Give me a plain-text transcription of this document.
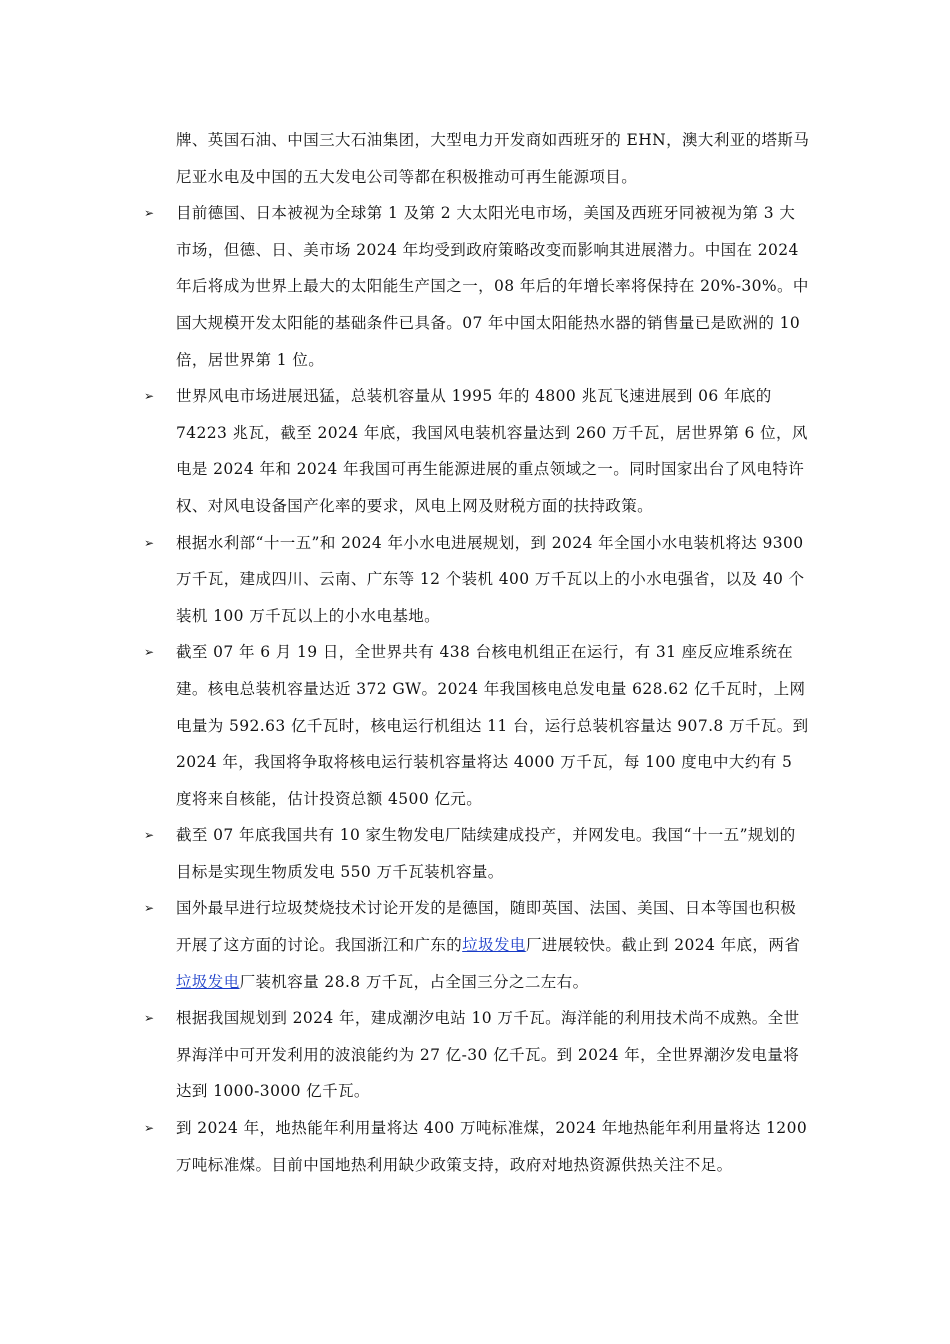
牌、英国石油、中国三大石油集团，大型电力开发商如西班牙的 EHN，澳大利亚的塔斯马尼亚水电及中国的五大发电公司等都在积极推动可再生能源项目。

➢ 目前德国、日本被视为全球第 1 及第 2 大太阳光电市场，美国及西班牙同被视为第 3 大市场，但德、日、美市场 2024 年均受到政府策略改变而影响其进展潜力。中国在 2024 年后将成为世界上最大的太阳能生产国之一，08 年后的年增长率将保持在 20%-30%。中国大规模开发太阳能的基础条件已具备。07 年中国太阳能热水器的销售量已是欧洲的 10 倍，居世界第 1 位。

➢ 世界风电市场进展迅猛，总装机容量从 1995 年的 4800 兆瓦飞速进展到 06 年底的 74223 兆瓦，截至 2024 年底，我国风电装机容量达到 260 万千瓦，居世界第 6 位，风电是 2024 年和 2024 年我国可再生能源进展的重点领域之一。同时国家出台了风电特许权、对风电设备国产化率的要求，风电上网及财税方面的扶持政策。

➢ 根据水利部“十一五”和 2024 年小水电进展规划，到 2024 年全国小水电装机将达 9300 万千瓦，建成四川、云南、广东等 12 个装机 400 万千瓦以上的小水电强省，以及 40 个装机 100 万千瓦以上的小水电基地。

➢ 截至 07 年 6 月 19 日，全世界共有 438 台核电机组正在运行，有 31 座反应堆系统在建。核电总装机容量达近 372 GW。2024 年我国核电总发电量 628.62 亿千瓦时，上网电量为 592.63 亿千瓦时，核电运行机组达 11 台，运行总装机容量达 907.8 万千瓦。到 2024 年，我国将争取将核电运行装机容量将达 4000 万千瓦，每 100 度电中大约有 5 度将来自核能，估计投资总额 4500 亿元。

➢ 截至 07 年底我国共有 10 家生物发电厂陆续建成投产，并网发电。我国“十一五”规划的目标是实现生物质发电 550 万千瓦装机容量。

➢ 国外最早进行垃圾焚烧技术讨论开发的是德国，随即英国、法国、美国、日本等国也积极开展了这方面的讨论。我国浙江和广东的垃圾发电厂进展较快。截止到 2024 年底，两省垃圾发电厂装机容量 28.8 万千瓦，占全国三分之二左右。

➢ 根据我国规划到 2024 年，建成潮汐电站 10 万千瓦。海洋能的利用技术尚不成熟。全世界海洋中可开发利用的波浪能约为 27 亿-30 亿千瓦。到 2024 年，全世界潮汐发电量将达到 1000-3000 亿千瓦。

➢ 到 2024 年，地热能年利用量将达 400 万吨标准煤，2024 年地热能年利用量将达 1200 万吨标准煤。目前中国地热利用缺少政策支持，政府对地热资源供热关注不足。
